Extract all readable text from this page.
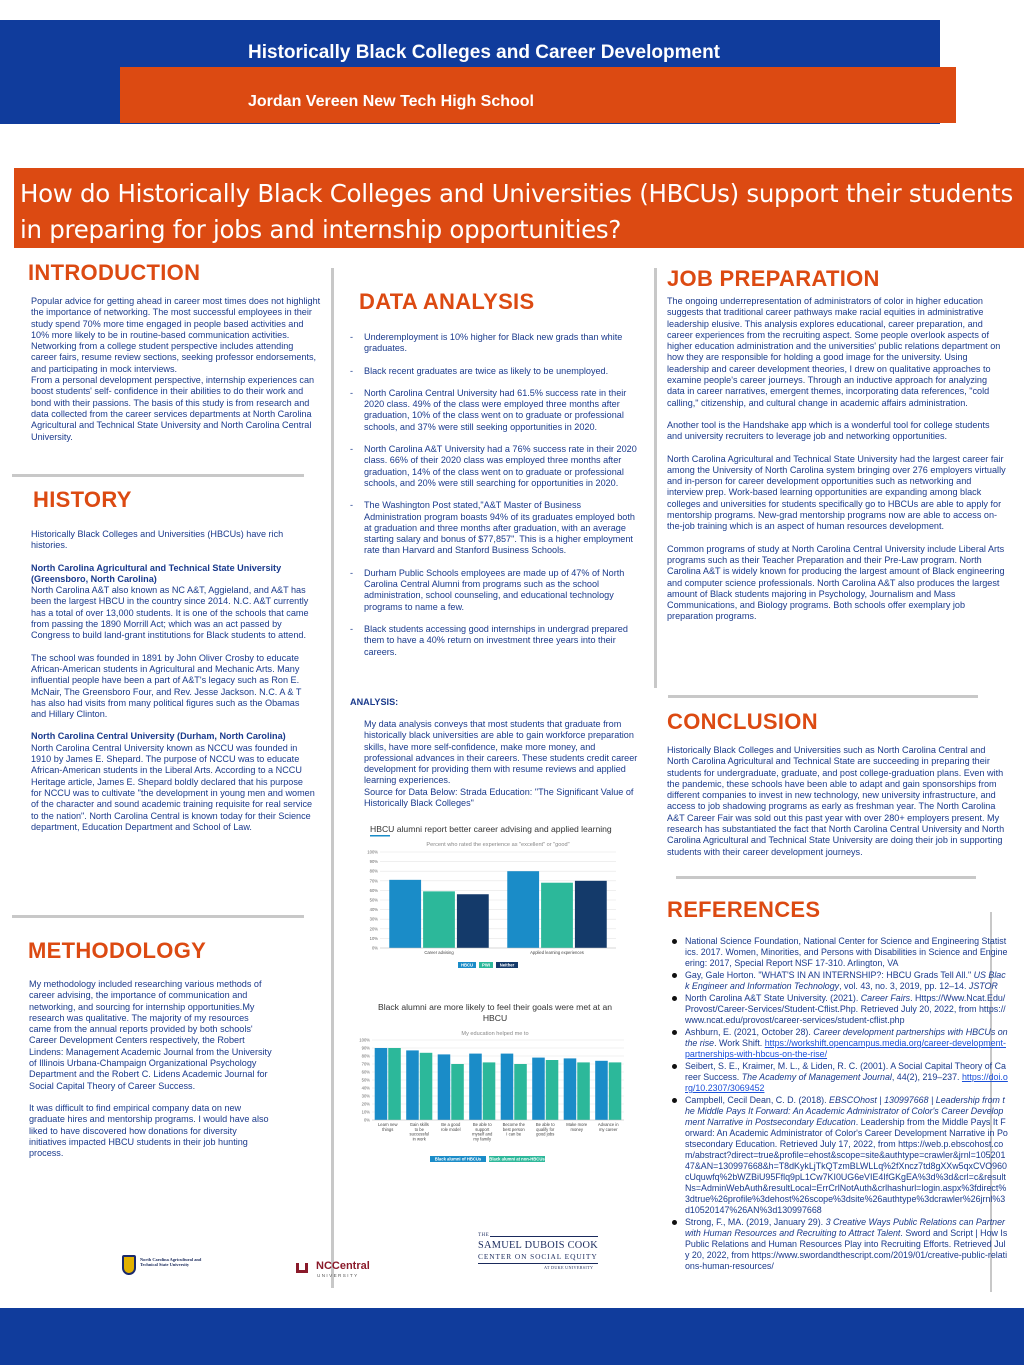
Historically Black Colleges and Career Development
Jordan Vereen New Tech High School
How do Historically Black Colleges and Universities (HBCUs) support their students in preparing for jobs and internship opportunities?
INTRODUCTION

Popular advice for getting ahead in career most times does not highlight the importance of networking. The most successful employees in their study spend 70% more time engaged in people based activities and 10% more likely to be in routine-based communication activities. Networking from a college student perspective includes attending career fairs, resume review sections, seeking professor endorsements, and participating in mock interviews.

From a personal development perspective, internship experiences can boost students' self- confidence in their abilities to do their work and bond with their passions. The basis of this study is from research and data collected from the career services departments at North Carolina Agricultural and Technical State University and North Carolina Central University.

HISTORY

Historically Black Colleges and Universities (HBCUs) have rich histories.

North Carolina Agricultural and Technical State University (Greensboro, North Carolina)

North Carolina A&T also known as NC A&T, Aggieland, and A&T has been the largest HBCU in the country since 2014. N.C. A&T currently has a total of over 13,000 students. It is one of the schools that came from passing the 1890 Morrill Act; which was an act passed by Congress to build land-grant institutions for Black students to attend.

The school was founded in 1891 by John Oliver Crosby to educate African-American students in Agricultural and Mechanic Arts. Many influential people have been a part of A&T's legacy such as Ron E. McNair, The Greensboro Four, and Rev. Jesse Jackson. N.C. A & T has also had visits from many political figures such as the Obamas and Hillary Clinton.

North Carolina Central University (Durham, North Carolina)

North Carolina Central University known as NCCU was founded in 1910 by James E. Shepard. The purpose of NCCU was to educate African-American students in the Liberal Arts. According to a NCCU Heritage article, James E. Shepard boldly declared that his purpose for NCCU was to cultivate "the development in young men and women of the character and sound academic training requisite for real service to the nation". North Carolina Central is known today for their Science department, Education Department and School of Law.

METHODOLOGY

My methodology included researching various methods of career advising, the importance of communication and networking, and sourcing for internship opportunities.My research was qualitative. The majority of my resources came from the annual reports provided by both schools' Career Development Centers respectively, the Robert Lindens: Management Academic Journal from the University of Illinois Urbana-Champaign Organizational Psychology Department and the Robert C. Lidens Academic Journal for Social Capital Theory of Career Success.

It was difficult to find empirical company data on new graduate hires and mentorship programs. I would have also liked to have discovered how donations for diversity initiatives impacted HBCU students in their job hunting process.

DATA ANALYSIS
- Underemployment is 10% higher for Black new grads than white graduates.
- Black recent graduates are twice as likely to be unemployed.
- North Carolina Central University had 61.5% success rate in their 2020 class. 49% of the class were employed three months after graduation, 10% of the class went on to graduate or professional schools, and 37% were still seeking opportunities in 2020.
- North Carolina A&T University had a 76% success rate in their 2020 class. 66% of their 2020 class was employed three months after graduation, 14% of the class went on to graduate or professional schools, and 20% were still searching for opportunities in 2020.
- The Washington Post stated,"A&T Master of Business Administration program boasts 94% of its graduates employed both at graduation and three months after graduation, with an average starting salary and bonus of $77,857". This is a higher employment rate than Harvard and Stanford Business Schools.
- Durham Public Schools employees are made up of 47% of North Carolina Central Alumni from programs such as the school administration, school counseling, and educational technology programs to name a few.
- Black students accessing good internships in undergrad prepared them to have a 40% return on investment three years into their careers.
ANALYSIS:

My data analysis conveys that most students that graduate from historically black universities are able to gain workforce preparation skills, have more self-confidence, make more money, and professional advances in their careers. These students credit career development for providing them with resume reviews and applied learning experiences.

Source for Data Below: Strada Education: "The Significant Value of Historically Black Colleges"

HBCU alumni report better career advising and applied learning
Percent who rated the experience as "excellent" or "good"
100%
90%
80%
70%
60%
50%
40%
30%
20%
10%
0%
Career advising	Applied learning experiences
HBCU PWI Neither
Black alumni are more likely to feel their goals were met at an
HBCU
My education helped me to
100%
90%
80%
70%
60%
50%
40%
30%
20%
10%
0%
Learn new things
Gain skills to be successful in work
Be a good role model
Be able to support myself and my family
Become the best person I can be
Be able to qualify for good jobs
Make more money
Advance in my career
Black alumni of HBCUs Black alumni at non-HBCUs
JOB PREPARATION

The ongoing underrepresentation of administrators of color in higher education suggests that traditional career pathways make racial equities in administrative leadership elusive. This analysis explores educational, career preparation, and career experiences from the recruiting aspect. Some people overlook aspects of higher education administration and the universities' public relations department on how they are responsible for holding a good image for the university. Using leadership and career development theories, I drew on qualitative approaches to examine people's career journeys. Through an inductive approach for analyzing data in career narratives, emergent themes, incorporating data references, "cold calling," citizenship, and cultural change in academic affairs administration.

Another tool is the Handshake app which is a wonderful tool for college students and university recruiters to leverage job and networking opportunities.

North Carolina Agricultural and Technical State University had the largest career fair among the University of North Carolina system bringing over 276 employers virtually and in-person for career development opportunities such as networking and interview prep. Work-based learning opportunities are expanding among black colleges and universities for students specifically go to HBCUs are able to apply for mentorship programs. New-grad mentorship programs now are able to access on-the-job training which is an aspect of human resources development.

Common programs of study at North Carolina Central University include Liberal Arts programs such as their Teacher Preparation and their Pre-Law program. North Carolina A&T is widely known for producing the largest amount of Black engineering and computer science professionals. North Carolina A&T also produces the largest amount of Black students majoring in Psychology, Journalism and Mass Communications, and Biology programs. Both schools offer exemplary job preparation programs.

CONCLUSION
Historically Black Colleges and Universities such as North Carolina Central and North Carolina Agricultural and Technical State are succeeding in preparing their students for undergraduate, graduate, and post college-graduation plans. Even with the pandemic, these schools have been able to adapt and gain sponsorships from different companies to invest in new technology, new university infrastructure, and access to job shadowing programs as early as freshman year. The North Carolina A&T Career Fair was sold out this past year with over 280+ employers present. My research has substantiated the fact that North Carolina Central University and North Carolina Agricultural and Technical State University are doing their job in supporting students with their career development journeys.
REFERENCES
National Science Foundation, National Center for Science and Engineering Statistics. 2017. Women, Minorities, and Persons with Disabilities in Science and Engineering: 2017, Special Report NSF 17-310. Arlington, VA
Gay, Gale Horton. "WHAT'S IN AN INTERNSHIP?: HBCU Grads Tell All." US Black Engineer and Information Technology, vol. 43, no. 3, 2019, pp. 12–14. JSTOR
North Carolina A&T State University. (2021). Career Fairs. Https://Www.Ncat.Edu/Provost/Career-Services/Student-Cflist.Php. Retrieved July 20, 2022, from https://www.ncat.edu/provost/career-services/student-cflist.php
Ashburn, E. (2021, October 28). Career development partnerships with HBCUs on the rise. Work Shift. https://workshift.opencampus.media.org/career-development-partnerships-with-hbcus-on-the-rise/
Seibert, S. E., Kraimer, M. L., & Liden, R. C. (2001). A Social Capital Theory of Career Success. The Academy of Management Journal, 44(2), 219–237. https://doi.org/10.2307/3069452
Campbell, Cecil Dean, C. D. (2018). EBSCOhost | 130997668 | Leadership from the Middle Pays It Forward: An Academic Administrator of Color's Career Development Narrative in Postsecondary Education. Leadership from the Middle Pays It Forward: An Academic Administrator of Color's Career Development Narrative in Postsecondary Education. Retrieved July 17, 2022, from https://web.p.ebscohost.com/abstract?direct=true&profile=ehost&scope=site&authtype=crawler&jrnl=10520147&AN=130997668&h=T8dKykLjTkQTzmBLWLLq%2fXncz7td8gXXw5qxCVO960cUquwfq%2bWZBiU95Fflq9pL1Cw7KI0UG6eVIE4IfGKgEA%3d%3d&crl=c&resultNs=AdminWebAuth&resultLocal=ErrCrlNotAuth&crlhashurl=login.aspx%3fdirect%3dtrue%26profile%3dehost%26scope%3dsite%26authtype%3dcrawler%26jrnl%3d10520147%26AN%3d130997668
Strong, F., MA. (2019, January 29). 3 Creative Ways Public Relations can Partner with Human Resources and Recruiting to Attract Talent. Sword and Script | How Is Public Relations and Human Resources Play into Recruiting Efforts. Retrieved July 20, 2022, from https://www.swordandthescript.com/2019/01/creative-public-relations-human-resources/
North Carolina Agricultural and Technical State University	NCCentral
UNIVERSITY
THE
SAMUEL DUBOIS COOK
CENTER ON SOCIAL EQUITY
AT DUKE UNIVERSITY
